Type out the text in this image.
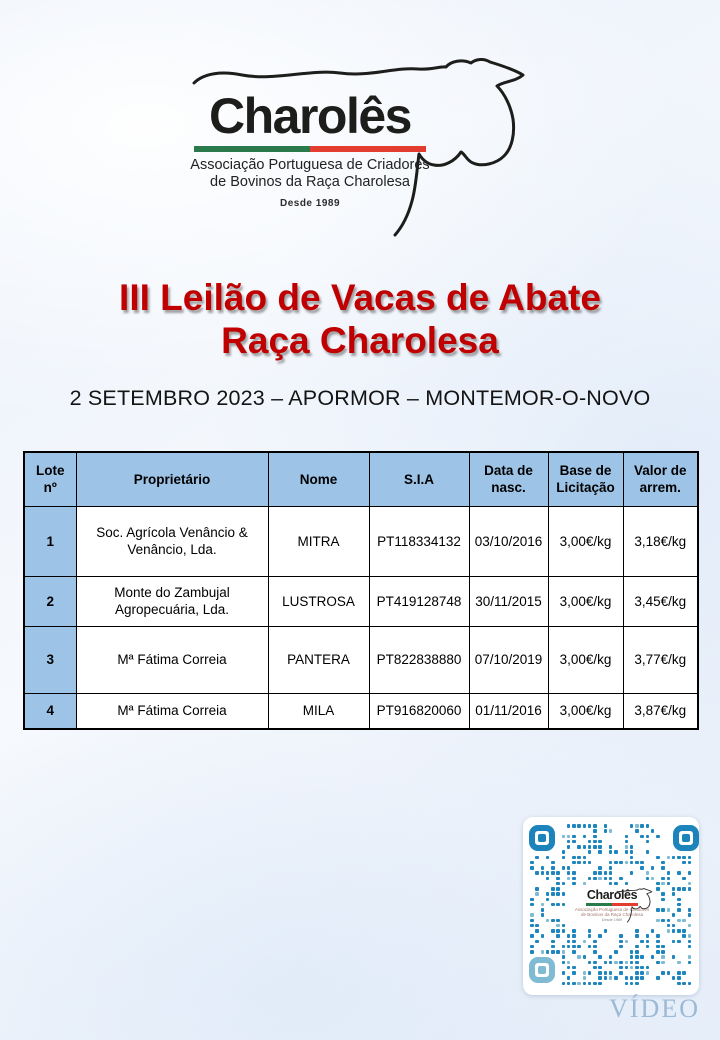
Charolês
Associação Portuguesa de Criadores
de Bovinos da Raça Charolesa
Desde 1989
III Leilão de Vacas de Abate
Raça Charolesa
2 SETEMBRO 2023 – APORMOR – MONTEMOR-O-NOVO
Lote nº	Proprietário	Nome	S.I.A	Data de nasc.	Base de Licitação	Valor de arrem.
1	Soc. Agrícola Venâncio & Venâncio, Lda.	MITRA	PT118334132	03/10/2016	3,00€/kg	3,18€/kg
2	Monte do Zambujal Agropecuária, Lda.	LUSTROSA	PT419128748	30/11/2015	3,00€/kg	3,45€/kg
3	Mª Fátima Correia	PANTERA	PT822838880	07/10/2019	3,00€/kg	3,77€/kg
4	Mª Fátima Correia	MILA	PT916820060	01/11/2016	3,00€/kg	3,87€/kg
Charolês
Associação Portuguesa de Criadores
de Bovinos da Raça Charolesa
Desde 1989
VÍDEO
